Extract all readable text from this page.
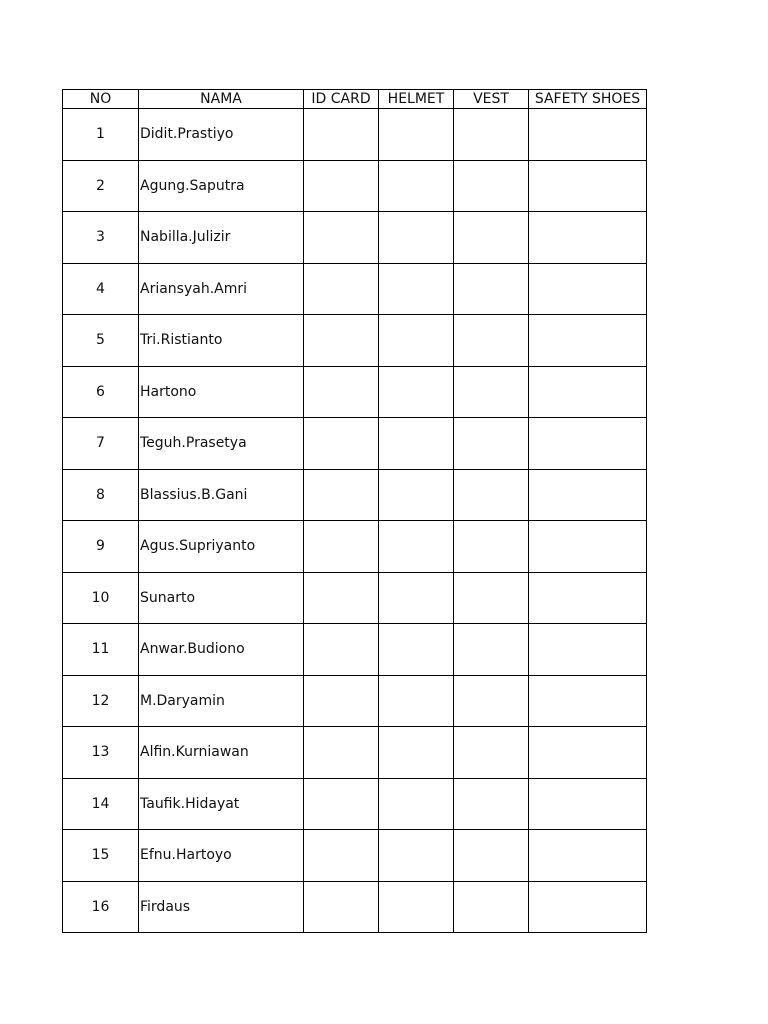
NO	NAMA	ID CARD	HELMET	VEST	SAFETY SHOES
1	Didit.Prastiyo				
2	Agung.Saputra				
3	Nabilla.Julizir				
4	Ariansyah.Amri				
5	Tri.Ristianto				
6	Hartono				
7	Teguh.Prasetya				
8	Blassius.B.Gani				
9	Agus.Supriyanto				
10	Sunarto				
11	Anwar.Budiono				
12	M.Daryamin				
13	Alfin.Kurniawan				
14	Taufik.Hidayat				
15	Efnu.Hartoyo				
16	Firdaus				
